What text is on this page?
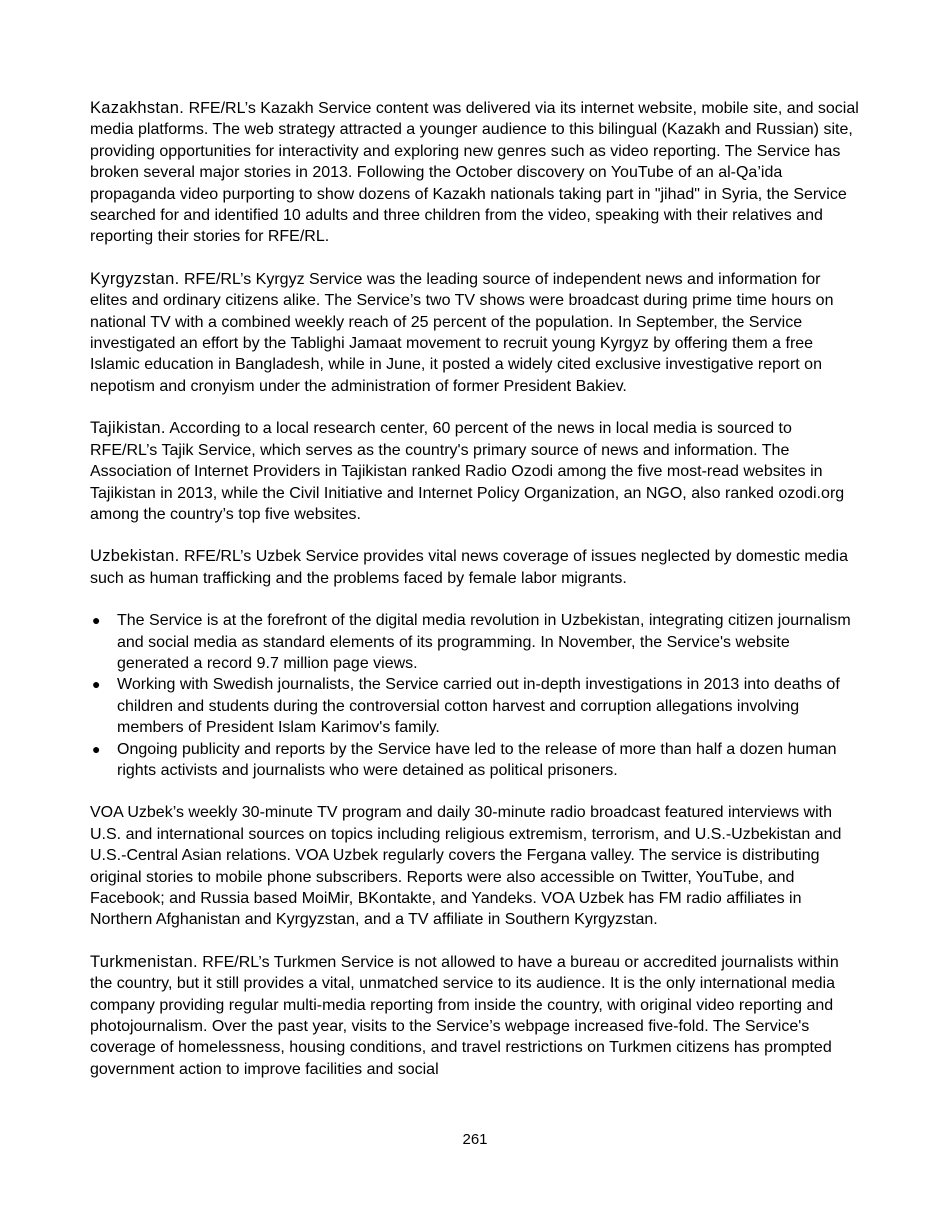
Kazakhstan. RFE/RL’s Kazakh Service content was delivered via its internet website, mobile site, and social media platforms. The web strategy attracted a younger audience to this bilingual (Kazakh and Russian) site, providing opportunities for interactivity and exploring new genres such as video reporting. The Service has broken several major stories in 2013. Following the October discovery on YouTube of an al-Qa’ida propaganda video purporting to show dozens of Kazakh nationals taking part in "jihad" in Syria, the Service searched for and identified 10 adults and three children from the video, speaking with their relatives and reporting their stories for RFE/RL.

Kyrgyzstan. RFE/RL’s Kyrgyz Service was the leading source of independent news and information for elites and ordinary citizens alike. The Service’s two TV shows were broadcast during prime time hours on national TV with a combined weekly reach of 25 percent of the population. In September, the Service investigated an effort by the Tablighi Jamaat movement to recruit young Kyrgyz by offering them a free Islamic education in Bangladesh, while in June, it posted a widely cited exclusive investigative report on nepotism and cronyism under the administration of former President Bakiev.

Tajikistan. According to a local research center, 60 percent of the news in local media is sourced to RFE/RL’s Tajik Service, which serves as the country's primary source of news and information. The Association of Internet Providers in Tajikistan ranked Radio Ozodi among the five most-read websites in Tajikistan in 2013, while the Civil Initiative and Internet Policy Organization, an NGO, also ranked ozodi.org among the country’s top five websites.

Uzbekistan. RFE/RL’s Uzbek Service provides vital news coverage of issues neglected by domestic media such as human trafficking and the problems faced by female labor migrants.

● The Service is at the forefront of the digital media revolution in Uzbekistan, integrating citizen journalism and social media as standard elements of its programming. In November, the Service's website generated a record 9.7 million page views.
● Working with Swedish journalists, the Service carried out in-depth investigations in 2013 into deaths of children and students during the controversial cotton harvest and corruption allegations involving members of President Islam Karimov's family.
● Ongoing publicity and reports by the Service have led to the release of more than half a dozen human rights activists and journalists who were detained as political prisoners.

VOA Uzbek’s weekly 30-minute TV program and daily 30-minute radio broadcast featured interviews with U.S. and international sources on topics including religious extremism, terrorism, and U.S.-Uzbekistan and U.S.-Central Asian relations. VOA Uzbek regularly covers the Fergana valley. The service is distributing original stories to mobile phone subscribers. Reports were also accessible on Twitter, YouTube, and Facebook; and Russia based MoiMir, BKontakte, and Yandeks. VOA Uzbek has FM radio affiliates in Northern Afghanistan and Kyrgyzstan, and a TV affiliate in Southern Kyrgyzstan.

Turkmenistan. RFE/RL’s Turkmen Service is not allowed to have a bureau or accredited journalists within the country, but it still provides a vital, unmatched service to its audience. It is the only international media company providing regular multi-media reporting from inside the country, with original video reporting and photojournalism. Over the past year, visits to the Service’s webpage increased five-fold. The Service's coverage of homelessness, housing conditions, and travel restrictions on Turkmen citizens has prompted government action to improve facilities and social

261
